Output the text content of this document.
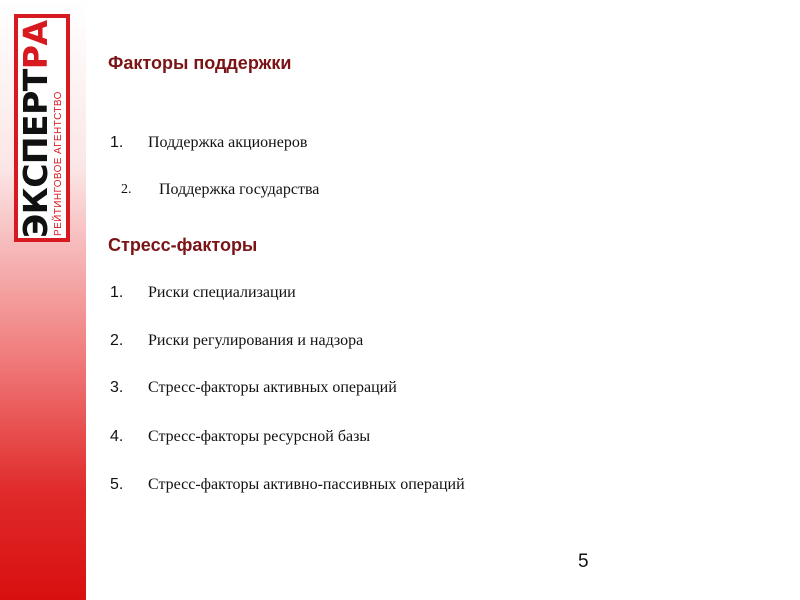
ЭКСПЕРТ
РА
РЕЙТИНГОВОЕ АГЕНТСТВО
Факторы поддержки
1. Поддержка акционеров
2. Поддержка государства
Стресс-факторы
1. Риски специализации
2. Риски регулирования и надзора
3. Стресс-факторы активных операций
4. Стресс-факторы ресурсной базы
5. Стресс-факторы активно-пассивных операций
5
